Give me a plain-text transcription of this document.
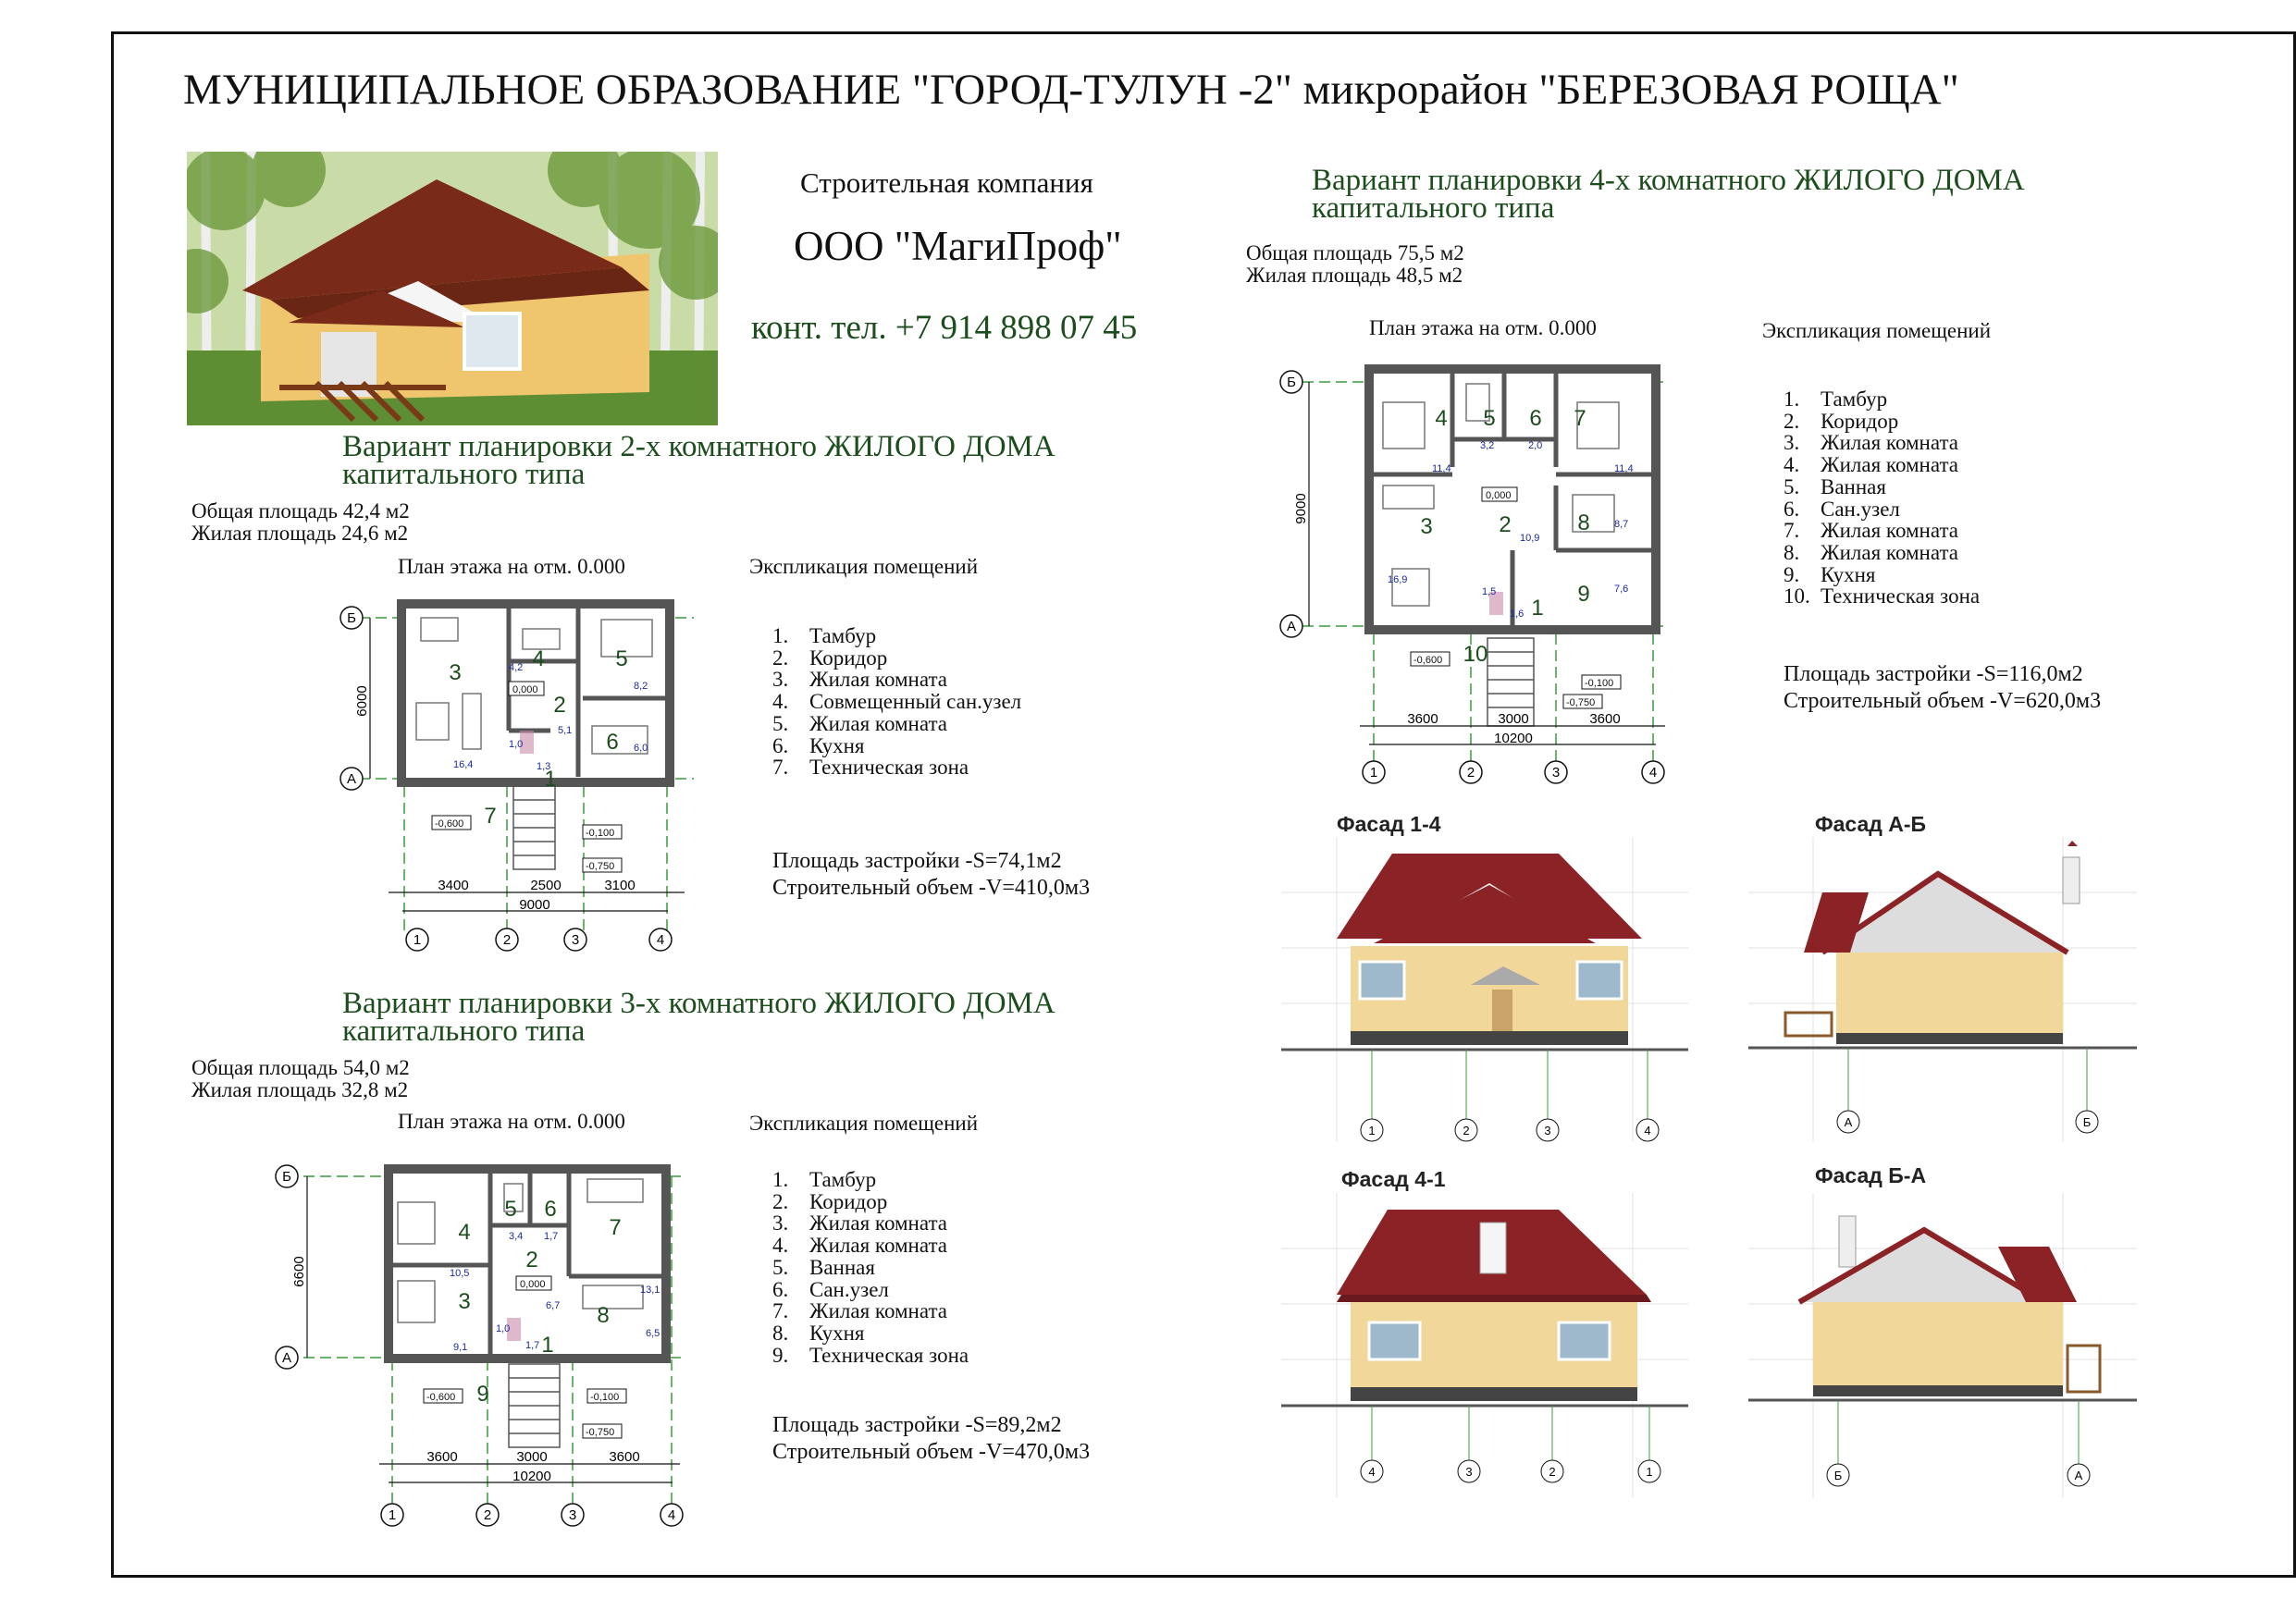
МУНИЦИПАЛЬНОЕ ОБРАЗОВАНИЕ "ГОРОД-ТУЛУН -2" микрорайон "БЕРЕЗОВАЯ РОЩА"
Строительная компания
ООО "МагиПроф"
конт. тел. +7 914 898 07 45
Вариант планировки 2-х комнатного ЖИЛОГО ДОМА
капитального типа
Общая площадь 42,4 м2
Жилая площадь 24,6 м2
План этажа на отм. 0.000	Экспликация помещений
1. Тамбур
2. Коридор
3. Жилая комната
4. Совмещенный сан.узел
5. Жилая комната
6. Кухня
7. Техническая зона
Площадь застройки -S=74,1м2
Строительный объем -V=410,0м3
3
4	5
2
6
7
1
4,2
8,2
5,1
6,0
16,4
1,0
1,3
0,000
-0,600
-0,100
-0,750
3400	2500	3100
9000
6000
Б
А
1	2	3	4
Вариант планировки 3-х комнатного ЖИЛОГО ДОМА
капитального типа
Общая площадь 54,0 м2
Жилая площадь 32,8 м2
План этажа на отм. 0.000	Экспликация помещений
1. Тамбур
2. Коридор
3. Жилая комната
4. Жилая комната
5. Ванная
6. Сан.узел
7. Жилая комната
8. Кухня
9. Техническая зона
Площадь застройки -S=89,2м2
Строительный объем -V=470,0м3
4
5 6
7
2
3
8
9
1
10,5
3,4 1,7
13,1
6,7
9,1
6,5
1,0
1,7
0,000
-0,600	-0,100
-0,750
3600	3000	3600
10200
6600
Б
А
1	2	3	4
Вариант планировки 4-х комнатного ЖИЛОГО ДОМА
капитального типа
Общая площадь 75,5 м2
Жилая площадь 48,5 м2
План этажа на отм. 0.000	Экспликация помещений
1. Тамбур
2. Коридор
3. Жилая комната
4. Жилая комната
5. Ванная
6. Сан.узел
7. Жилая комната
8. Жилая комната
9. Кухня
10. Техническая зона
Площадь застройки -S=116,0м2
Строительный объем -V=620,0м3
4 5 6 7
3	2	8
9
1
10
11,4
3,2	2,0
11,4
16,9
10,9
8,7
7,6
1,5
1,6
0,000
-0,600
-0,100
-0,750
3600	3000	3600
10200
9000
Б
А
1	2	3	4
Фасад 1-4	Фасад А-Б
Фасад 4-1	Фасад Б-А
1	2	3	4
А	Б
4	3	2	1	Б	А
